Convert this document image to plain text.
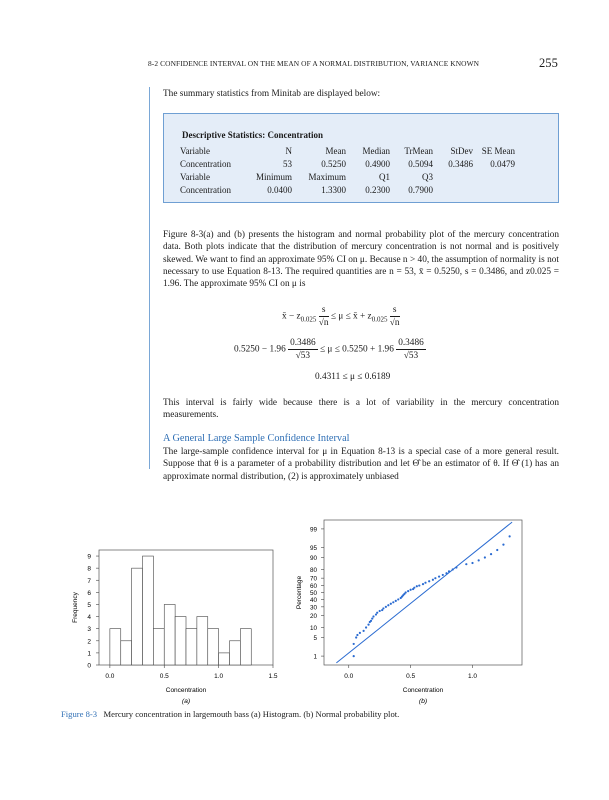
8-2 CONFIDENCE INTERVAL ON THE MEAN OF A NORMAL DISTRIBUTION, VARIANCE KNOWN	255
The summary statistics from Minitab are displayed below:
Descriptive Statistics: Concentration
Variable	N	Mean	Median	TrMean	StDev	SE Mean
Concentration	53	0.5250	0.4900	0.5094	0.3486	0.0479
Variable	Minimum	Maximum	Q1	Q3		
Concentration	0.0400	1.3300	0.2300	0.7900		
Figure 8-3(a) and (b) presents the histogram and normal probability plot of the mercury concentration data. Both plots indicate that the distribution of mercury concentration is not normal and is positively skewed. We want to find an approximate 95% CI on μ. Because n > 40, the assumption of normality is not necessary to use Equation 8-13. The required quantities are n = 53, x̄ = 0.5250, s = 0.3486, and z0.025 = 1.96. The approximate 95% CI on μ is
x̄ − $z_{0.025} \frac{s}{√n} \le \mu$ ≤ x̄ + $z_{0.025} \frac{s}{√n}$
$0.5250 - 1.96 \frac{0.3486}{√53} \le \mu \le 0.5250 + 1.96 \frac{0.3486}{√53}$
0.4311 ≤ μ ≤ 0.6189
This interval is fairly wide because there is a lot of variability in the mercury concentration measurements.
A General Large Sample Confidence Interval
The large-sample confidence interval for μ in Equation 8-13 is a special case of a more general result. Suppose that θ is a parameter of a probability distribution and let Θ̂ be an estimator of θ. If Θ̂ (1) has an approximate normal distribution, (2) is approximately unbiased
0
1
2
3
4
5
6
7
8
9
0.0	0.5	1.0	1.5
Concentration
(a)
Frequency
1
5
10
20
30
40
50
60
70
80
90
95
99
0.0	0.5	1.0
Concentration
(b)
Percentage
Figure 8-3 Mercury concentration in largemouth bass (a) Histogram. (b) Normal probability plot.
